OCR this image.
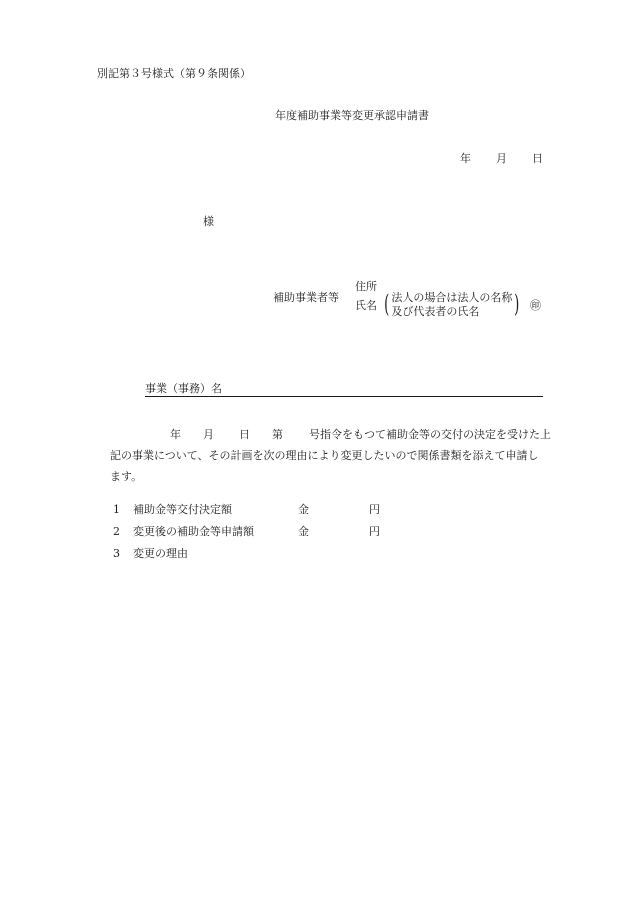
別記第３号様式（第９条関係）
年度補助事業等変更承認申請書
年 月 日
様
補助事業者等
住所
氏名 ( 法人の場合は法人の名称
及び代表者の氏名	) ㊞
事業（事務）名
年 月 日 第 号指令をもつて補助金等の交付の決定を受けた上
記の事業について、その計画を次の理由により変更したいので関係書類を添えて申請し
ます。
1 補助金等交付決定額	金	円
2 変更後の補助金等申請額	金	円
3 変更の理由
